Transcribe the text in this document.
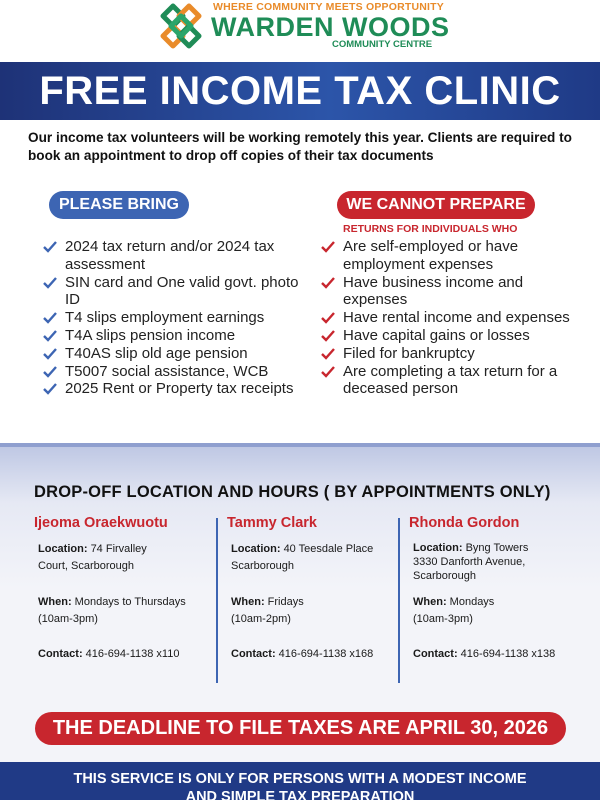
WHERE COMMUNITY MEETS OPPORTUNITY
WARDEN WOODS
COMMUNITY CENTRE
FREE INCOME TAX CLINIC
Our income tax volunteers will be working remotely this year. Clients are required to book an appointment to drop off copies of their tax documents
PLEASE BRING	WE CANNOT PREPARE
RETURNS FOR INDIVIDUALS WHO
2024 tax return and/or 2024 tax assessment
SIN card and One valid govt. photo ID
T4 slips employment earnings
T4A slips pension income
T40AS slip old age pension
T5007 social assistance, WCB
2025 Rent or Property tax receipts
Are self-employed or have employment expenses
Have business income and expenses
Have rental income and expenses
Have capital gains or losses
Filed for bankruptcy
Are completing a tax return for a deceased person
DROP-OFF LOCATION AND HOURS ( BY APPOINTMENTS ONLY)
Ijeoma Oraekwuotu
Location: 74 Firvalley
Court, Scarborough
When: Mondays to Thursdays
(10am-3pm)
Contact: 416-694-1138 x110
Tammy Clark
Location: 40 Teesdale Place
Scarborough
When: Fridays
(10am-2pm)
Contact: 416-694-1138 x168
Rhonda Gordon
Location: Byng Towers
3330 Danforth Avenue,
Scarborough
When: Mondays
(10am-3pm)
Contact: 416-694-1138 x138
THE DEADLINE TO FILE TAXES ARE APRIL 30, 2026
THIS SERVICE IS ONLY FOR PERSONS WITH A MODEST INCOME
AND SIMPLE TAX PREPARATION
